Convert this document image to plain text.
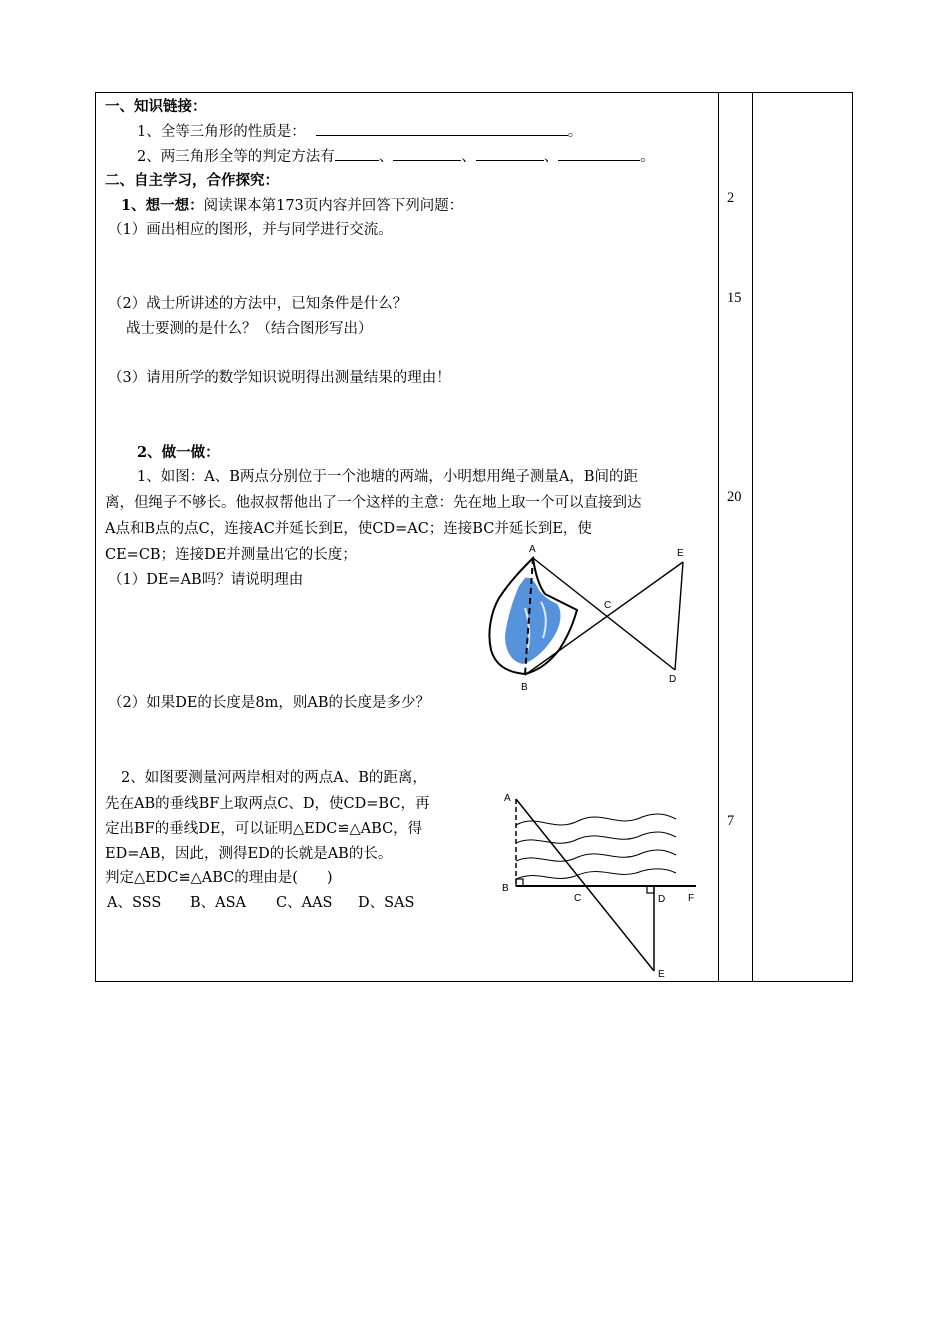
一、知识链接：
1、全等三角形的性质是：	。
2、两三角形全等的判定方法有	、	、	、	。
二、自主学习，合作探究：
1、想一想：阅读课本第173页内容并回答下列问题：
（1）画出相应的图形，并与同学进行交流。
（2）战士所讲述的方法中，已知条件是什么？
战士要测的是什么？（结合图形写出）
（3）请用所学的数学知识说明得出测量结果的理由！
2、做一做：
1、如图：A、B两点分别位于一个池塘的两端，小明想用绳子测量A，B间的距
离，但绳子不够长。他叔叔帮他出了一个这样的主意：先在地上取一个可以直接到达
A点和B点的点C，连接AC并延长到E，使CD=AC；连接BC并延长到E，使
CE=CB；连接DE并测量出它的长度；
（1）DE=AB吗？请说明理由
（2）如果DE的长度是8m，则AB的长度是多少？
2、如图要测量河两岸相对的两点A、B的距离，
先在AB的垂线BF上取两点C、D，使CD=BC，再
定出BF的垂线DE，可以证明△EDC≌△ABC，得
ED=AB，因此，测得ED的长就是AB的长。
判定△EDC≌△ABC的理由是(　　)
A、SSS B、ASA C、AAS D、SAS
2
15
20
7
A
B
C
D
E
A
B
C	D F
E
